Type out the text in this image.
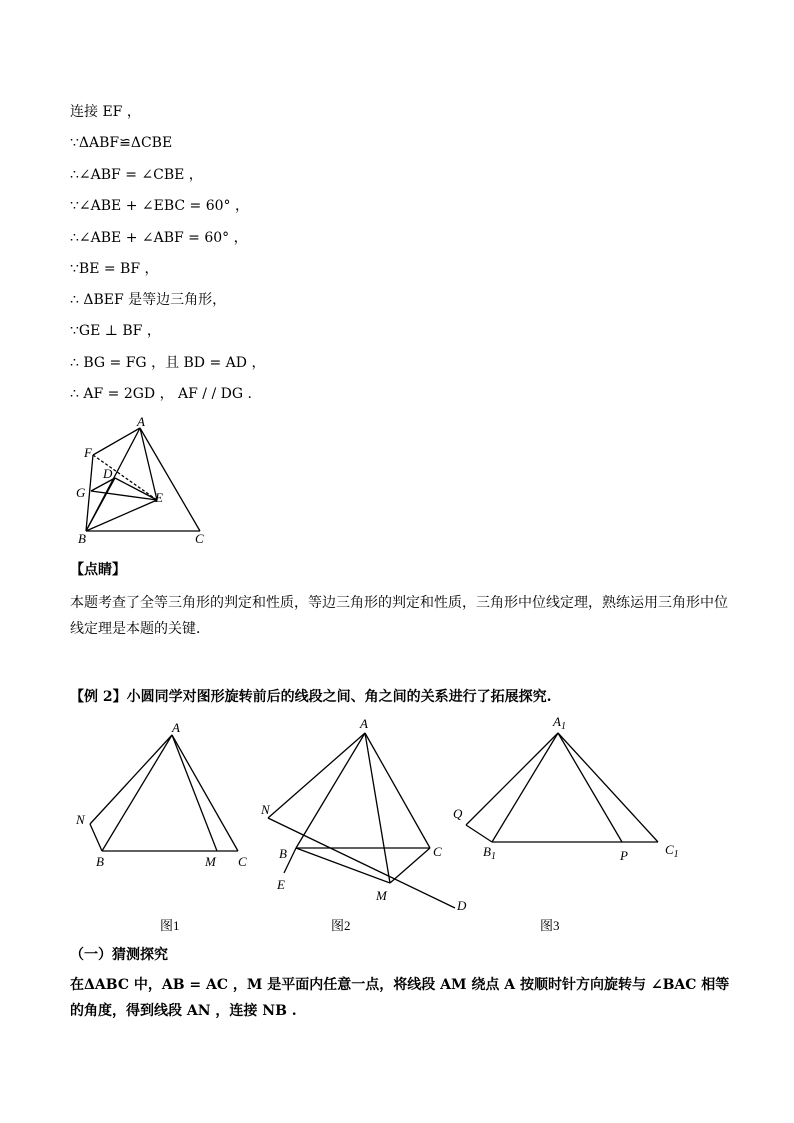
连接 EF ，
∵ΔABF≌ΔCBE
∴∠ABF = ∠CBE ，
∵∠ABE + ∠EBC = 60° ，
∴∠ABE + ∠ABF = 60° ，
∵BE = BF ，
∴ ΔBEF 是等边三角形，
∵GE ⊥ BF ，
∴ BG = FG ，且 BD = AD ，
∴ AF = 2GD ， AF / / DG .
A
F
D
G	E
B	C
【点睛】
本题考查了全等三角形的判定和性质，等边三角形的判定和性质，三角形中位线定理，熟练运用三角形中位线定理是本题的关键．
【例 2】小圆同学对图形旋转前后的线段之间、角之间的关系进行了拓展探究.
A
N
B	M C
图1
A
N
B	C
E
M
D
图2
$A_1$
Q
$B_1$	P	$C_1$
图3
（一）猜测探究
在ΔABC 中，AB = AC ，M 是平面内任意一点，将线段 AM 绕点 A 按顺时针方向旋转与 ∠BAC 相等的角度，得到线段 AN ，连接 NB .
